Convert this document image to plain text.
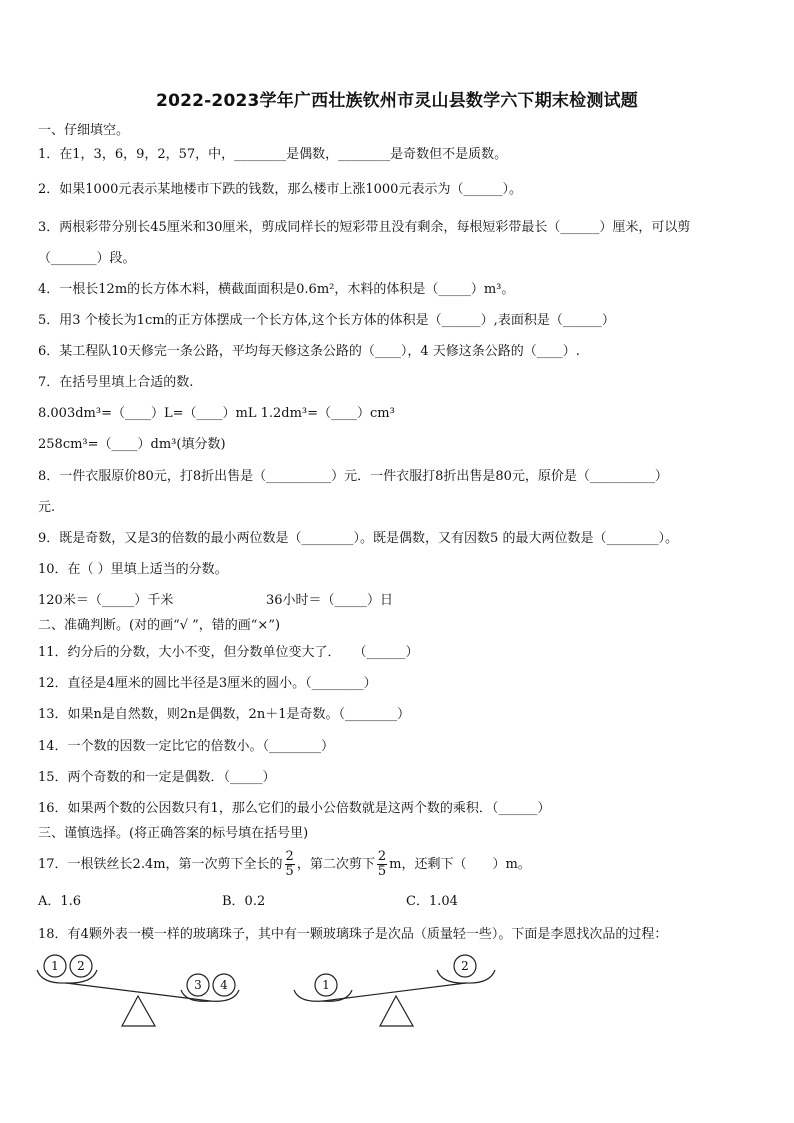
2022-2023学年广西壮族钦州市灵山县数学六下期末检测试题
一、仔细填空。
1．在1，3，6，9，2，57，中，________是偶数，________是奇数但不是质数。
2．如果1000元表示某地楼市下跌的钱数，那么楼市上涨1000元表示为（______）。
3．两根彩带分别长45厘米和30厘米，剪成同样长的短彩带且没有剩余，每根短彩带最长（______）厘米，可以剪
（_______）段。
4．一根长12m的长方体木料，横截面面积是0.6m²，木料的体积是（_____）m³。
5．用3 个棱长为1cm的正方体摆成一个长方体,这个长方体的体积是（______）,表面积是（______）
6．某工程队10天修完一条公路，平均每天修这条公路的（____），4 天修这条公路的（____）.
7．在括号里填上合适的数.
8.003dm³=（____）L=（____）mL 1.2dm³=（____）cm³
258cm³=（____）dm³(填分数)
8．一件衣服原价80元，打8折出售是（__________）元．一件衣服打8折出售是80元，原价是（__________）
元.
9．既是奇数，又是3的倍数的最小两位数是（________）。既是偶数，又有因数5 的最大两位数是（________）。
10．在（ ）里填上适当的分数。
120米＝（_____）千米	36小时＝（_____）日
二、准确判断。(对的画“√ ”，错的画“×”)
11．约分后的分数，大小不变，但分数单位变大了．　　（______）
12．直径是4厘米的圆比半径是3厘米的圆小。（________）
13．如果n是自然数，则2n是偶数，2n＋1是奇数。（________）
14．一个数的因数一定比它的倍数小。（________）
15．两个奇数的和一定是偶数．（_____）
16．如果两个数的公因数只有1，那么它们的最小公倍数就是这两个数的乘积．（______）
三、谨慎选择。(将正确答案的标号填在括号里)
17．一根铁丝长2.4m，第一次剪下全长的 $\frac{2}{5}$ ，第二次剪下 $\frac{2}{5}$ m，还剩下（　　）m。
A．1.6	B．0.2	C．1.04
18．有4颗外表一模一样的玻璃珠子，其中有一颗玻璃珠子是次品（质量轻一些）。下面是李恩找次品的过程：
1 2
3 4	1
2
